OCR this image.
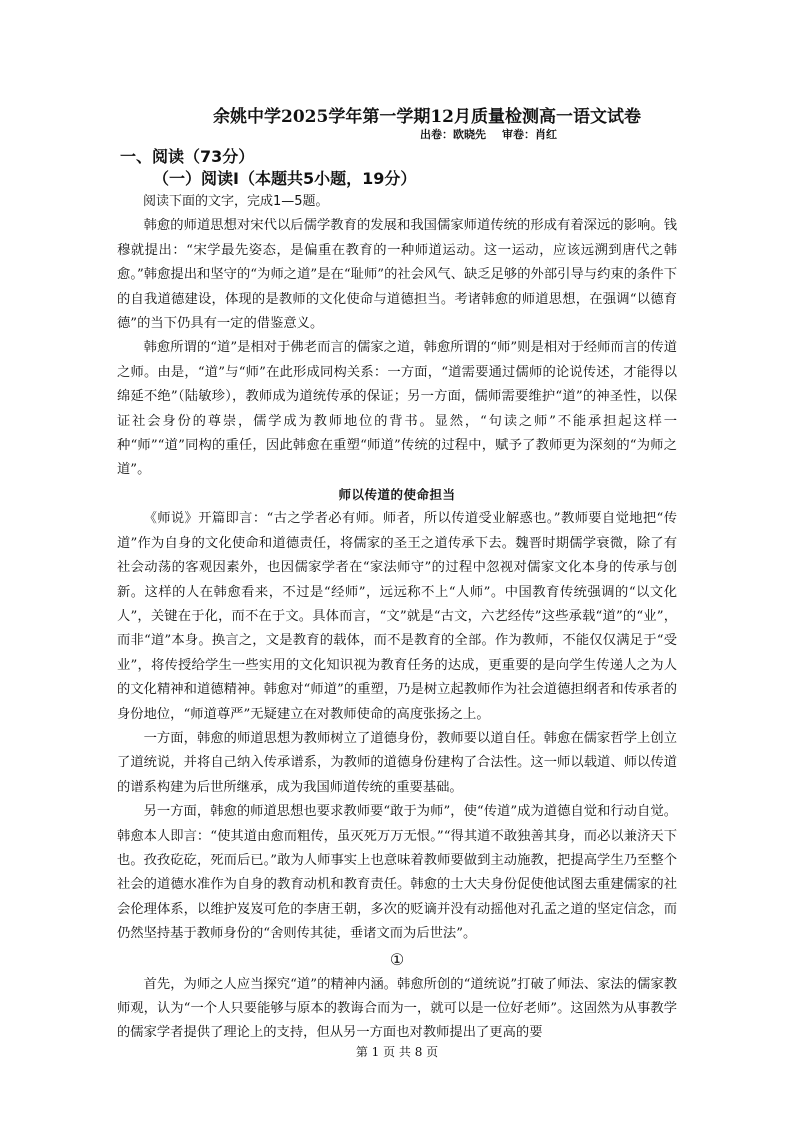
余姚中学2025学年第一学期12月质量检测高一语文试卷
出卷：欧晓先 审卷：肖红
一、阅读（73分）
（一）阅读Ⅰ（本题共5小题，19分）

阅读下面的文字，完成1—5题。

韩愈的师道思想对宋代以后儒学教育的发展和我国儒家师道传统的形成有着深远的影响。钱穆就提出：“宋学最先姿态，是偏重在教育的一种师道运动。这一运动，应该远溯到唐代之韩愈。”韩愈提出和坚守的“为师之道”是在“耻师”的社会风气、缺乏足够的外部引导与约束的条件下的自我道德建设，体现的是教师的文化使命与道德担当。考诸韩愈的师道思想，在强调“以德育德”的当下仍具有一定的借鉴意义。

韩愈所谓的“道”是相对于佛老而言的儒家之道，韩愈所谓的“师”则是相对于经师而言的传道之师。由是，“道”与“师”在此形成同构关系：一方面，“道需要通过儒师的论说传述，才能得以绵延不绝”（陆敏珍），教师成为道统传承的保证；另一方面，儒师需要维护“道”的神圣性，以保证社会身份的尊崇，儒学成为教师地位的背书。显然，“句读之师”不能承担起这样一种“师”“道”同构的重任，因此韩愈在重塑“师道”传统的过程中，赋予了教师更为深刻的“为师之道”。

师以传道的使命担当

《师说》开篇即言：“古之学者必有师。师者，所以传道受业解惑也。”教师要自觉地把“传道”作为自身的文化使命和道德责任，将儒家的圣王之道传承下去。魏晋时期儒学衰微，除了有社会动荡的客观因素外，也因儒家学者在“家法师守”的过程中忽视对儒家文化本身的传承与创新。这样的人在韩愈看来，不过是“经师”，远远称不上“人师”。中国教育传统强调的“以文化人”，关键在于化，而不在于文。具体而言，“文”就是“古文，六艺经传”这些承载“道”的“业”，而非“道”本身。换言之，文是教育的载体，而不是教育的全部。作为教师，不能仅仅满足于“受业”，将传授给学生一些实用的文化知识视为教育任务的达成，更重要的是向学生传递人之为人的文化精神和道德精神。韩愈对“师道”的重塑，乃是树立起教师作为社会道德担纲者和传承者的身份地位，“师道尊严”无疑建立在对教师使命的高度张扬之上。

一方面，韩愈的师道思想为教师树立了道德身份，教师要以道自任。韩愈在儒家哲学上创立了道统说，并将自己纳入传承谱系，为教师的道德身份建构了合法性。这一师以载道、师以传道的谱系构建为后世所继承，成为我国师道传统的重要基础。

另一方面，韩愈的师道思想也要求教师要“敢于为师”，使“传道”成为道德自觉和行动自觉。韩愈本人即言：“使其道由愈而粗传，虽灭死万万无恨。”“得其道不敢独善其身，而必以兼济天下也。孜孜矻矻，死而后已。”敢为人师事实上也意味着教师要做到主动施教，把提高学生乃至整个社会的道德水准作为自身的教育动机和教育责任。韩愈的士大夫身份促使他试图去重建儒家的社会伦理体系，以维护岌岌可危的李唐王朝，多次的贬谪并没有动摇他对孔孟之道的坚定信念，而仍然坚持基于教师身份的“舍则传其徒，垂诸文而为后世法”。

①

首先，为师之人应当探究“道”的精神内涵。韩愈所创的“道统说”打破了师法、家法的儒家教师观，认为“一个人只要能够与原本的教诲合而为一，就可以是一位好老师”。这固然为从事教学的儒家学者提供了理论上的支持，但从另一方面也对教师提出了更高的要

第 1 页 共 8 页
